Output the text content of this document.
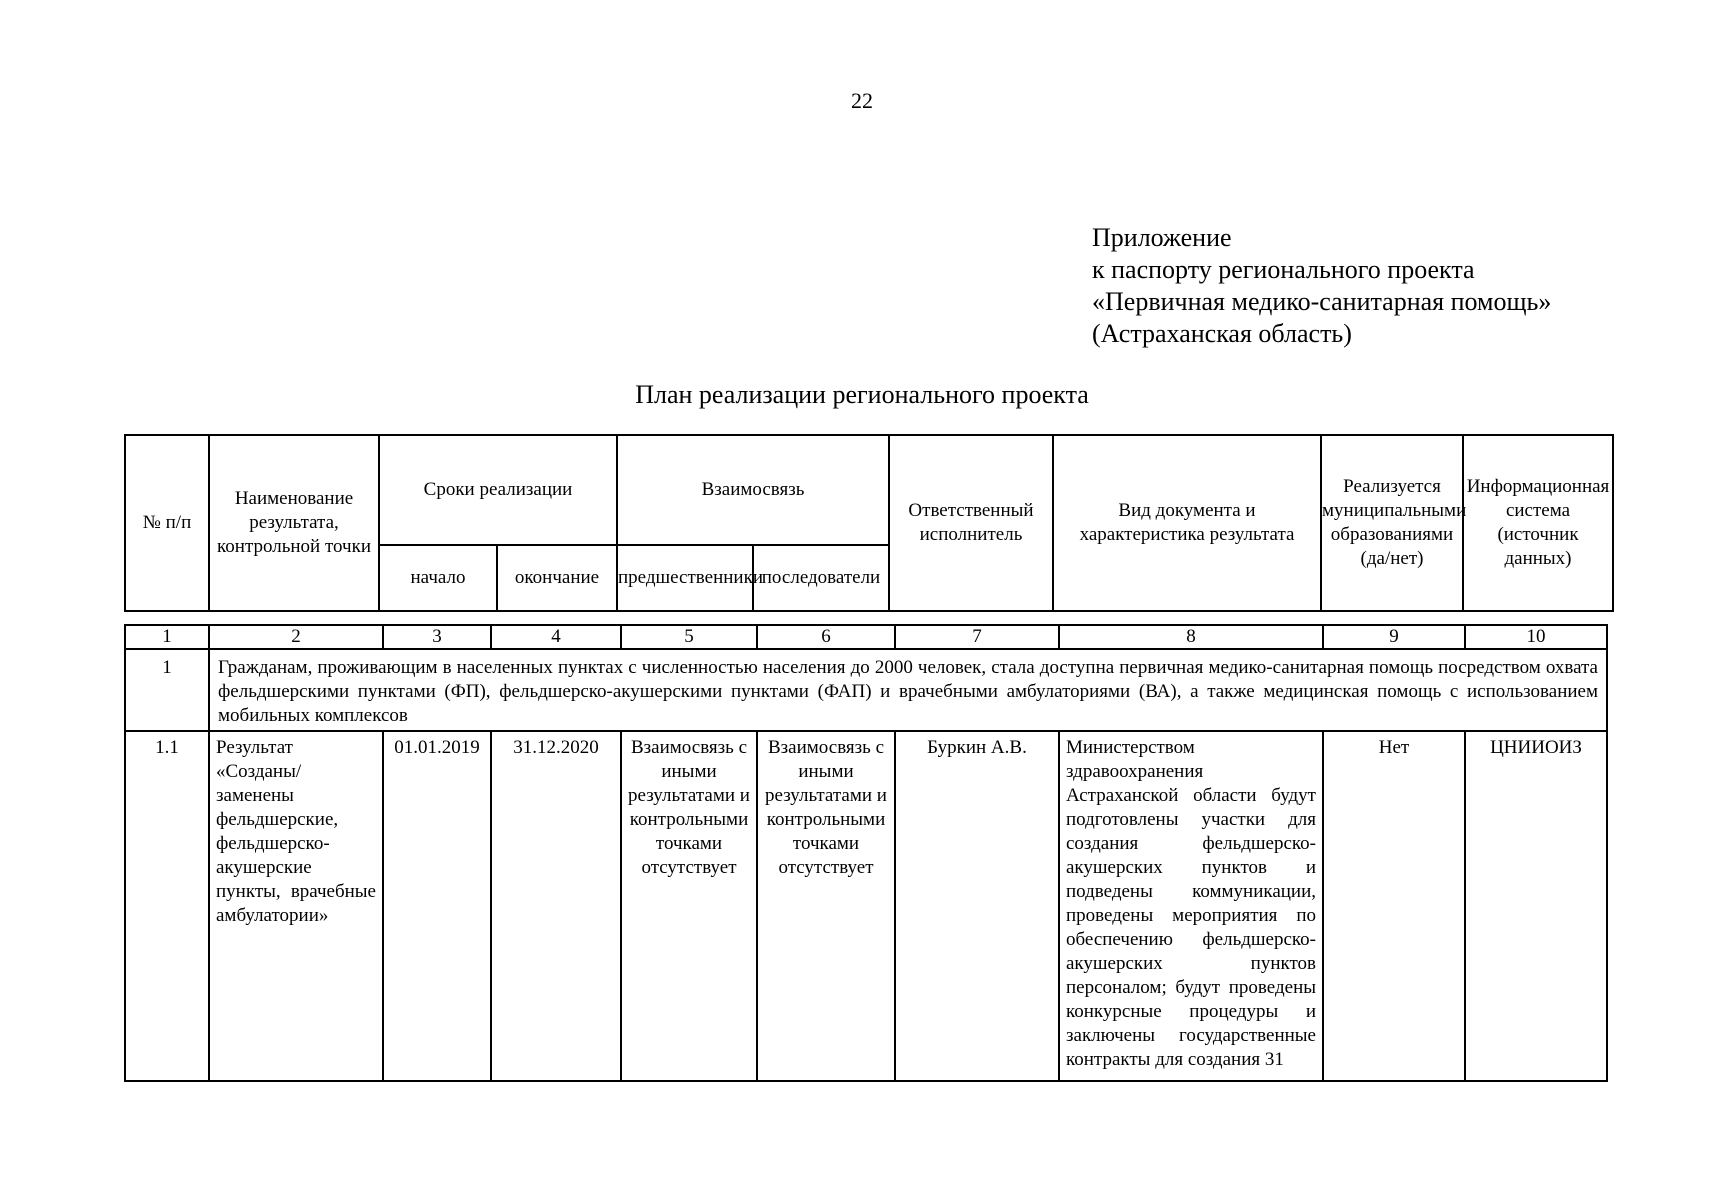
22
Приложение
к паспорту регионального проекта
«Первичная медико-санитарная помощь»
(Астраханская область)
План реализации регионального проекта
№ п/п	Наименование результата, контрольной точки	Сроки реализации		Взаимосвязь		Ответственный исполнитель	Вид документа и характеристика результата	Реализуется муниципальными образованиями (да/нет)	Информационная система (источник данных)
		начало	окончание	предшественники	последователи				
1	2	3	4	5	6	7	8	9	10
1	Гражданам, проживающим в населенных пунктах с численностью населения до 2000 человек, стала доступна первичная медико-санитарная помощь посредством охвата фельдшерскими пунктами (ФП), фельдшерско-акушерскими пунктами (ФАП) и врачебными амбулаториями (ВА), а также медицинская помощь с использованием мобильных комплексов								
1.1	Результат «Созданы/заменены фельдшерские, фельдшерско-акушерские пункты, врачебные амбулатории»	01.01.2019	31.12.2020	Взаимосвязь с иными результатами и контрольными точками отсутствует	Взаимосвязь с иными результатами и контрольными точками отсутствует	Буркин А.В.	Министерством здравоохранения Астраханской области будут подготовлены участки для создания фельдшерско-акушерских пунктов и подведены коммуникации, проведены мероприятия по обеспечению фельдшерско-акушерских пунктов персоналом; будут проведены конкурсные процедуры и заключены государственные контракты для создания 31	Нет	ЦНИИОИЗ
